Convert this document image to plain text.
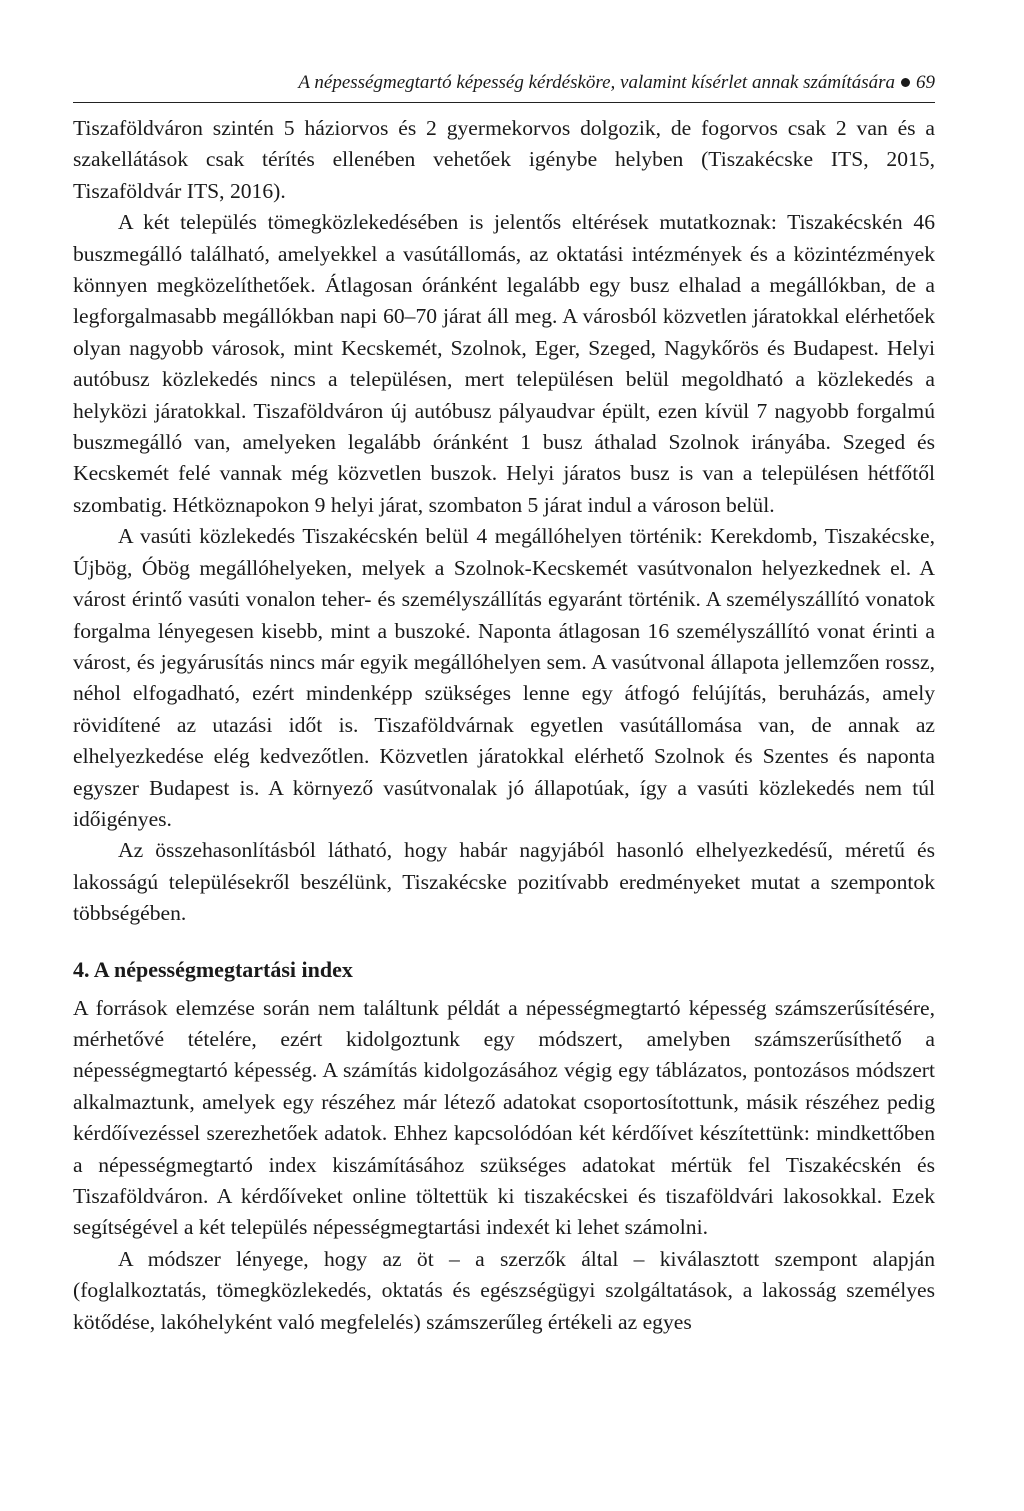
A népességmegtartó képesség kérdésköre, valamint kísérlet annak számítására 69

Tiszaföldváron szintén 5 háziorvos és 2 gyermekorvos dolgozik, de fogorvos csak 2 van és a szakellátások csak térítés ellenében vehetőek igénybe helyben (Tiszakécske ITS, 2015, Tiszaföldvár ITS, 2016).

A két település tömegközlekedésében is jelentős eltérések mutatkoznak: Tiszakécskén 46 buszmegálló található, amelyekkel a vasútállomás, az oktatási intézmények és a közintézmények könnyen megközelíthetőek. Átlagosan óránként legalább egy busz elhalad a megállókban, de a legforgalmasabb megállókban napi 60–70 járat áll meg. A városból közvetlen járatokkal elérhetőek olyan nagyobb városok, mint Kecskemét, Szolnok, Eger, Szeged, Nagykőrös és Budapest. Helyi autóbusz közlekedés nincs a településen, mert településen belül megoldható a közlekedés a helyközi járatokkal. Tiszaföldváron új autóbusz pályaudvar épült, ezen kívül 7 nagyobb forgalmú buszmegálló van, amelyeken legalább óránként 1 busz áthalad Szolnok irányába. Szeged és Kecskemét felé vannak még közvetlen buszok. Helyi járatos busz is van a településen hétfőtől szombatig. Hétköznapokon 9 helyi járat, szombaton 5 járat indul a városon belül.

A vasúti közlekedés Tiszakécskén belül 4 megállóhelyen történik: Kerekdomb, Tiszakécske, Újbög, Óbög megállóhelyeken, melyek a Szolnok-Kecskemét vasútvonalon helyezkednek el. A várost érintő vasúti vonalon teher- és személyszállítás egyaránt történik. A személyszállító vonatok forgalma lényegesen kisebb, mint a buszoké. Naponta átlagosan 16 személyszállító vonat érinti a várost, és jegyárusítás nincs már egyik megállóhelyen sem. A vasútvonal állapota jellemzően rossz, néhol elfogadható, ezért mindenképp szükséges lenne egy átfogó felújítás, beruházás, amely rövidítené az utazási időt is. Tiszaföldvárnak egyetlen vasútállomása van, de annak az elhelyezkedése elég kedvezőtlen. Közvetlen járatokkal elérhető Szolnok és Szentes és naponta egyszer Budapest is. A környező vasútvonalak jó állapotúak, így a vasúti közlekedés nem túl időigényes.

Az összehasonlításból látható, hogy habár nagyjából hasonló elhelyezkedésű, méretű és lakosságú településekről beszélünk, Tiszakécske pozitívabb eredményeket mutat a szempontok többségében.

4. A népességmegtartási index

A források elemzése során nem találtunk példát a népességmegtartó képesség számszerűsítésére, mérhetővé tételére, ezért kidolgoztunk egy módszert, amelyben számszerűsíthető a népességmegtartó képesség. A számítás kidolgozásához végig egy táblázatos, pontozásos módszert alkalmaztunk, amelyek egy részéhez már létező adatokat csoportosítottunk, másik részéhez pedig kérdőívezéssel szerezhetőek adatok. Ehhez kapcsolódóan két kérdőívet készítettünk: mindkettőben a népességmegtartó index kiszámításához szükséges adatokat mértük fel Tiszakécskén és Tiszaföldváron. A kérdőíveket online töltettük ki tiszakécskei és tiszaföldvári lakosokkal. Ezek segítségével a két település népességmegtartási indexét ki lehet számolni.

A módszer lényege, hogy az öt – a szerzők által – kiválasztott szempont alapján (foglalkoztatás, tömegközlekedés, oktatás és egészségügyi szolgáltatások, a lakosság személyes kötődése, lakóhelyként való megfelelés) számszerűleg értékeli az egyes
